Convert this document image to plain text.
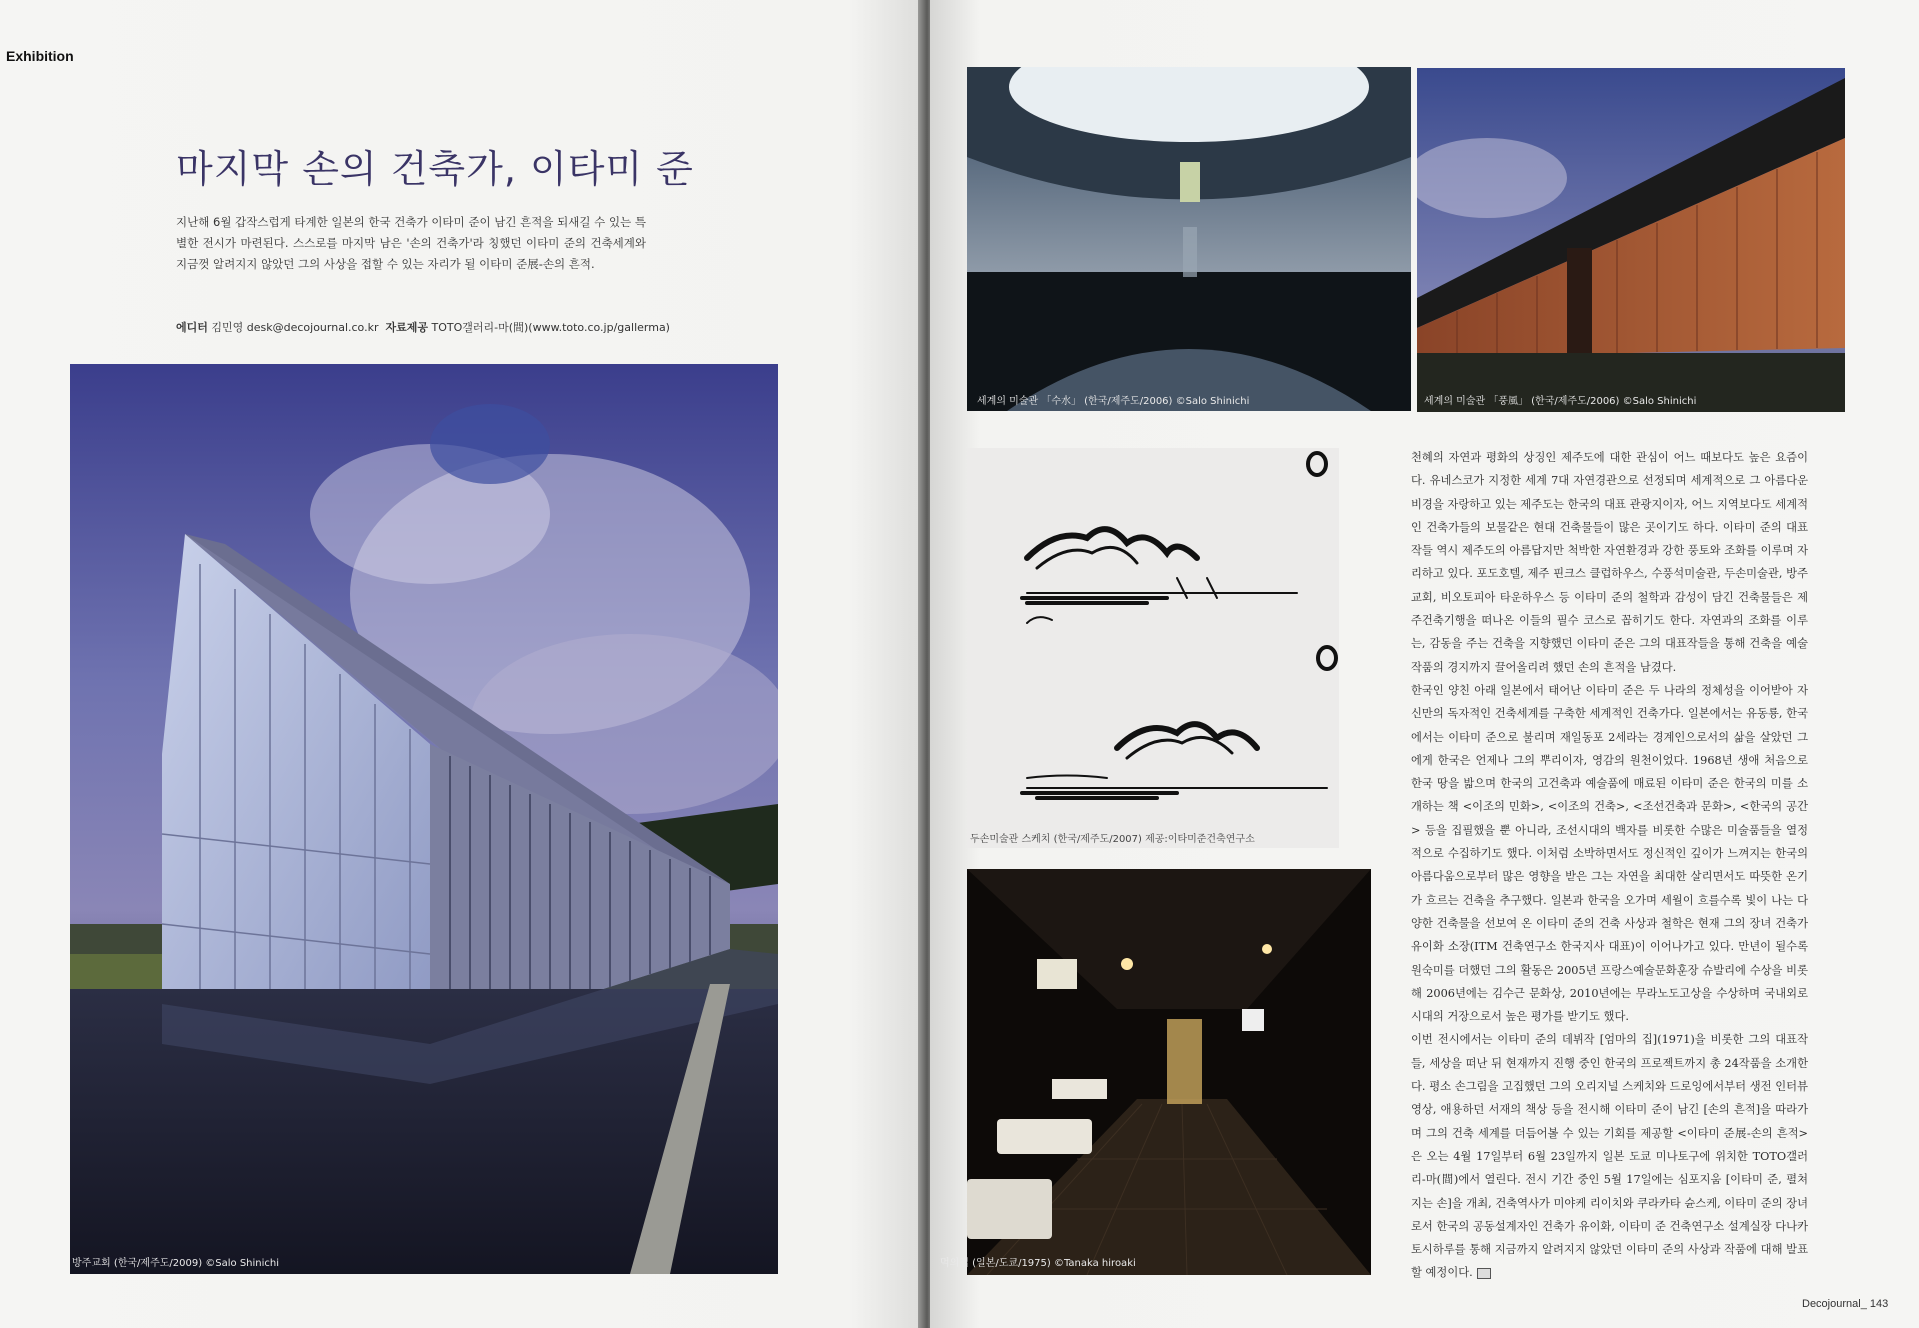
Exhibition
마지막 손의 건축가, 이타미 준

지난해 6월 갑작스럽게 타계한 일본의 한국 건축가 이타미 준이 남긴 흔적을 되새길 수 있는 특별한 전시가 마련된다. 스스로를 마지막 남은 '손의 건축가'라 칭했던 이타미 준의 건축세계와 지금껏 알려지지 않았던 그의 사상을 접할 수 있는 자리가 될 이타미 준展-손의 흔적.

에디터 김민영 desk@decojournal.co.kr 자료제공 TOTO갤러리-마(間)(www.toto.co.jp/gallerma)
방주교회 (한국/제주도/2009) ©Salo Shinichi
세계의 미술관 「수水」 (한국/제주도/2006) ©Salo Shinichi	세계의 미술관 「풍風」 (한국/제주도/2006) ©Salo Shinichi
두손미술관 스케치 (한국/제주도/2007) 제공:이타미준건축연구소
먹의집 (일본/도쿄/1975) ©Tanaka hiroaki

천혜의 자연과 평화의 상징인 제주도에 대한 관심이 어느 때보다도 높은 요즘이다. 유네스코가 지정한 세계 7대 자연경관으로 선정되며 세계적으로 그 아름다운 비경을 자랑하고 있는 제주도는 한국의 대표 관광지이자, 어느 지역보다도 세계적인 건축가들의 보물같은 현대 건축물들이 많은 곳이기도 하다. 이타미 준의 대표작들 역시 제주도의 아름답지만 척박한 자연환경과 강한 풍토와 조화를 이루며 자리하고 있다. 포도호텔, 제주 핀크스 클럽하우스, 수풍석미술관, 두손미술관, 방주교회, 비오토피아 타운하우스 등 이타미 준의 철학과 감성이 담긴 건축물들은 제주건축기행을 떠나온 이들의 필수 코스로 꼽히기도 한다. 자연과의 조화를 이루는, 감동을 주는 건축을 지향했던 이타미 준은 그의 대표작들을 통해 건축을 예술작품의 경지까지 끌어올리려 했던 손의 흔적을 남겼다.

한국인 양친 아래 일본에서 태어난 이타미 준은 두 나라의 정체성을 이어받아 자신만의 독자적인 건축세계를 구축한 세계적인 건축가다. 일본에서는 유동룡, 한국에서는 이타미 준으로 불리며 재일동포 2세라는 경계인으로서의 삶을 살았던 그에게 한국은 언제나 그의 뿌리이자, 영감의 원천이었다. 1968년 생애 처음으로 한국 땅을 밟으며 한국의 고건축과 예술품에 매료된 이타미 준은 한국의 미를 소개하는 책 <이조의 민화>, <이조의 건축>, <조선건축과 문화>, <한국의 공간> 등을 집필했을 뿐 아니라, 조선시대의 백자를 비롯한 수많은 미술품들을 열정적으로 수집하기도 했다. 이처럼 소박하면서도 정신적인 깊이가 느껴지는 한국의 아름다움으로부터 많은 영향을 받은 그는 자연을 최대한 살리면서도 따뜻한 온기가 흐르는 건축을 추구했다. 일본과 한국을 오가며 세월이 흐를수록 빛이 나는 다양한 건축물을 선보여 온 이타미 준의 건축 사상과 철학은 현재 그의 장녀 건축가 유이화 소장(ITM 건축연구소 한국지사 대표)이 이어나가고 있다. 만년이 될수록 원숙미를 더했던 그의 활동은 2005년 프랑스예술문화훈장 슈발리에 수상을 비롯해 2006년에는 김수근 문화상, 2010년에는 무라노도고상을 수상하며 국내외로 시대의 거장으로서 높은 평가를 받기도 했다.

이번 전시에서는 이타미 준의 데뷔작 [엄마의 집](1971)을 비롯한 그의 대표작들, 세상을 떠난 뒤 현재까지 진행 중인 한국의 프로젝트까지 총 24작품을 소개한다. 평소 손그림을 고집했던 그의 오리지널 스케치와 드로잉에서부터 생전 인터뷰 영상, 애용하던 서재의 책상 등을 전시해 이타미 준이 남긴 [손의 흔적]을 따라가며 그의 건축 세계를 더듬어볼 수 있는 기회를 제공할 <이타미 준展-손의 흔적>은 오는 4월 17일부터 6월 23일까지 일본 도쿄 미나토구에 위치한 TOTO갤러리-마(間)에서 열린다. 전시 기간 중인 5월 17일에는 심포지움 [이타미 준, 펼쳐지는 손]을 개최, 건축역사가 미야케 리이치와 쿠라카타 슌스케, 이타미 준의 장녀로서 한국의 공동설계자인 건축가 유이화, 이타미 준 건축연구소 설계실장 다나카 토시하루를 통해 지금까지 알려지지 않았던 이타미 준의 사상과 작품에 대해 발표할 예정이다.

Decojournal_ 143
